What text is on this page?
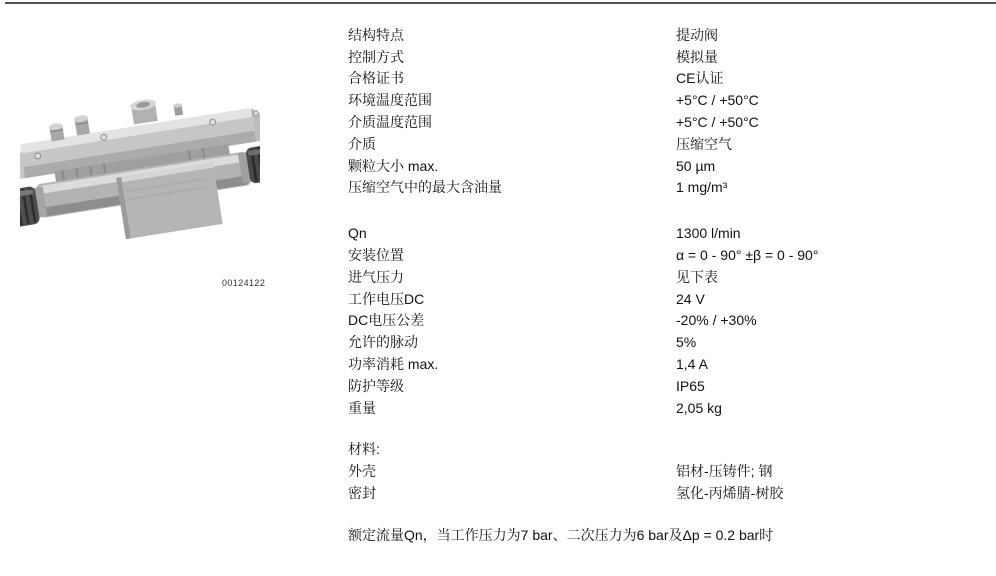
00124122
结构特点	提动阀
控制方式	模拟量
合格证书	CE认证
环境温度范围	+5°C / +50°C
介质温度范围	+5°C / +50°C
介质	压缩空气
颗粒大小 max.	50 µm
压缩空气中的最大含油量	1 mg/m³
Qn	1300 l/min
安装位置	α = 0 - 90° ±β = 0 - 90°
进气压力	见下表
工作电压DC	24 V
DC电压公差	-20% / +30%
允许的脉动	5%
功率消耗 max.	1,4 A
防护等级	IP65
重量	2,05 kg
材料:
外壳	铝材-压铸件; 钢
密封	氢化-丙烯腈-树胶
额定流量Qn，当工作压力为7 bar、二次压力为6 bar及Δp = 0.2 bar时
